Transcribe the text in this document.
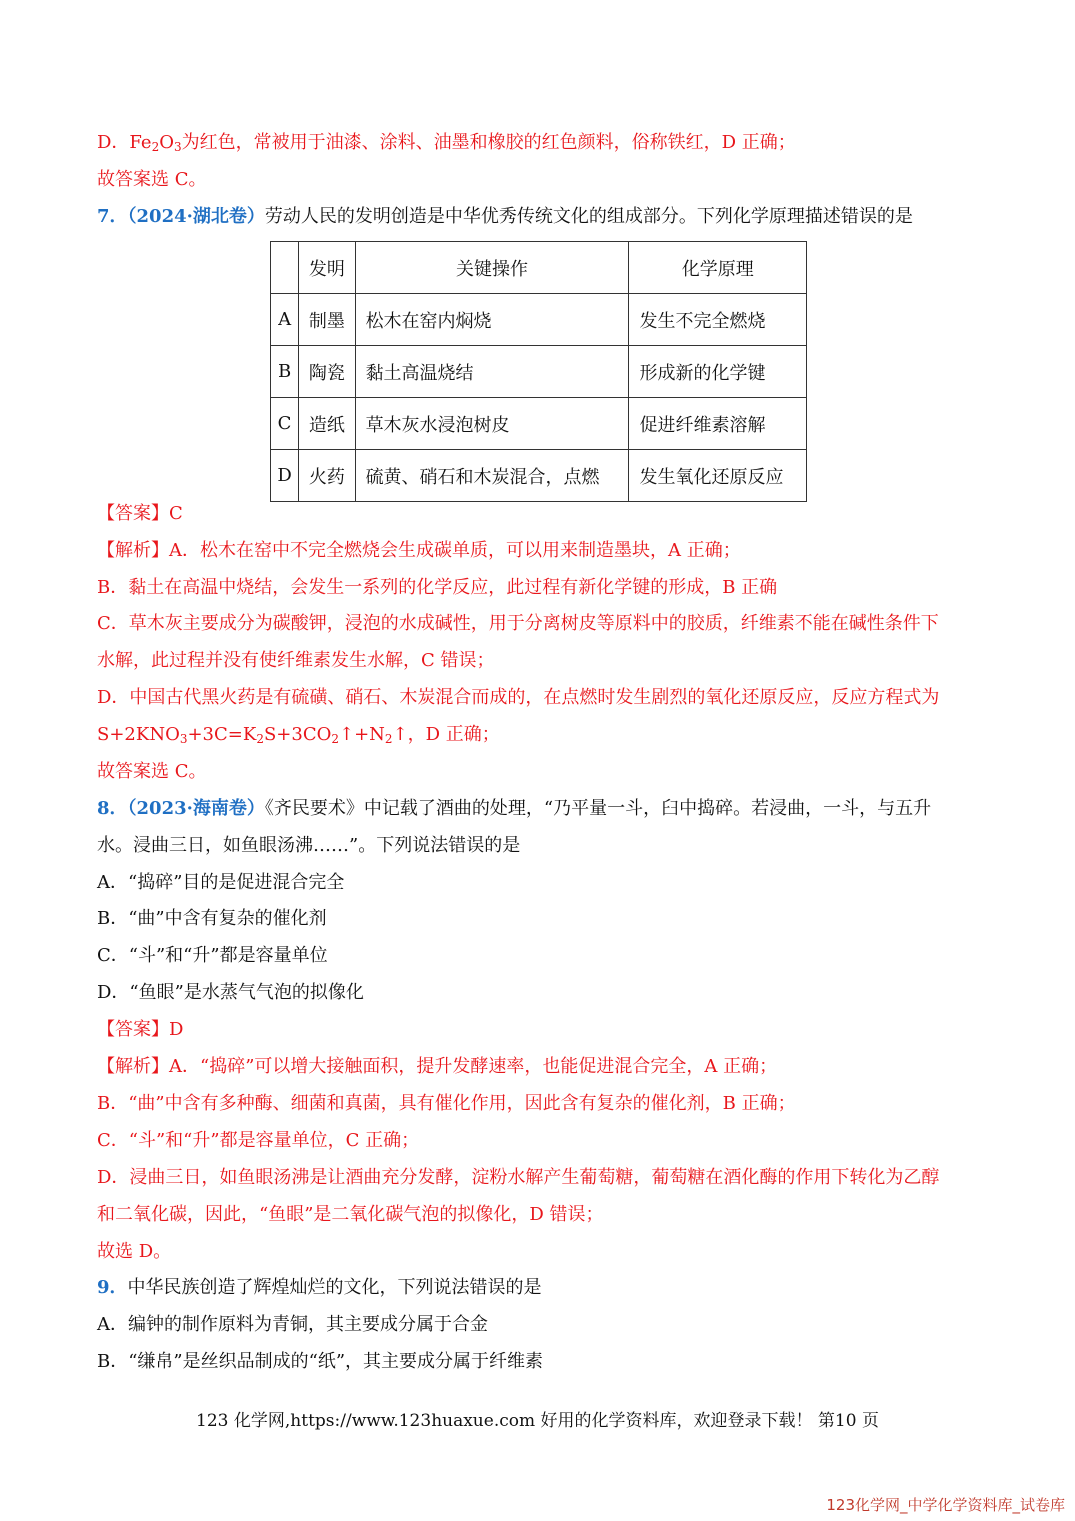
D．$Fe_2O_3$为红色，常被用于油漆、涂料、油墨和橡胶的红色颜料，俗称铁红，D 正确；
故答案选 C。
7．（2024·湖北卷）劳动人民的发明创造是中华优秀传统文化的组成部分。下列化学原理描述错误的是
	发明	关键操作	化学原理
A	制墨	松木在窑内焖烧	发生不完全燃烧
B	陶瓷	黏土高温烧结	形成新的化学键
C	造纸	草木灰水浸泡树皮	促进纤维素溶解
D	火药	硫黄、硝石和木炭混合，点燃	发生氧化还原反应
【答案】C
【解析】A．松木在窑中不完全燃烧会生成碳单质，可以用来制造墨块，A 正确；
B．黏土在高温中烧结，会发生一系列的化学反应，此过程有新化学键的形成，B 正确
C．草木灰主要成分为碳酸钾，浸泡的水成碱性，用于分离树皮等原料中的胶质，纤维素不能在碱性条件下
水解，此过程并没有使纤维素发生水解，C 错误；
D．中国古代黑火药是有硫磺、硝石、木炭混合而成的，在点燃时发生剧烈的氧化还原反应，反应方程式为
$S+2KNO_3+3C=K_2S+3CO_2↑+N_2↑$，D 正确；
故答案选 C。
8．（2023·海南卷）《齐民要术》中记载了酒曲的处理，“乃平量一斗，臼中捣碎。若浸曲，一斗，与五升
水。浸曲三日，如鱼眼汤沸……”。下列说法错误的是
A．“捣碎”目的是促进混合完全
B．“曲”中含有复杂的催化剂
C．“斗”和“升”都是容量单位
D．“鱼眼”是水蒸气气泡的拟像化
【答案】D
【解析】A．“捣碎”可以增大接触面积，提升发酵速率，也能促进混合完全，A 正确；
B．“曲”中含有多种酶、细菌和真菌，具有催化作用，因此含有复杂的催化剂，B 正确；
C．“斗”和“升”都是容量单位，C 正确；
D．浸曲三日，如鱼眼汤沸是让酒曲充分发酵，淀粉水解产生葡萄糖，葡萄糖在酒化酶的作用下转化为乙醇
和二氧化碳，因此，“鱼眼”是二氧化碳气泡的拟像化，D 错误；
故选 D。
9．中华民族创造了辉煌灿烂的文化，下列说法错误的是
A．编钟的制作原料为青铜，其主要成分属于合金
B．“缣帛”是丝织品制成的“纸”，其主要成分属于纤维素
123 化学网,https://www.123huaxue.com 好用的化学资料库，欢迎登录下载！ 第10 页
123化学网_中学化学资料库_试卷库
